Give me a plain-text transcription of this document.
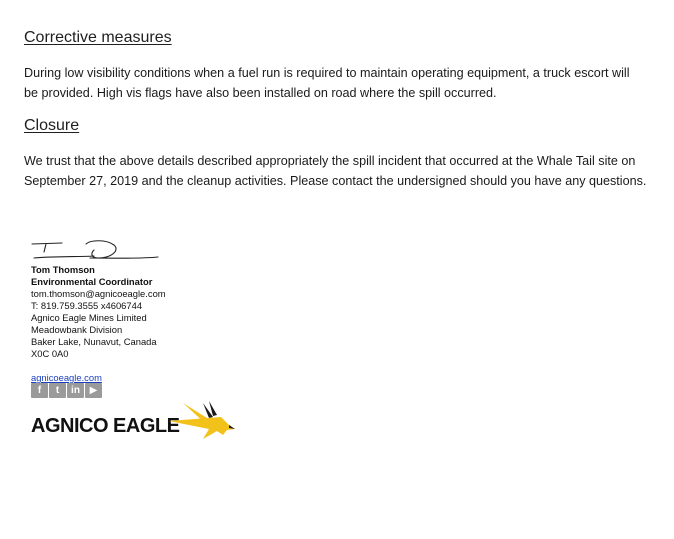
Corrective measures

During low visibility conditions when a fuel run is required to maintain operating equipment, a truck escort will
be provided. High vis flags have also been installed on road where the spill occurred.

Closure

We trust that the above details described appropriately the spill incident that occurred at the Whale Tail site on
September 27, 2019 and the cleanup activities. Please contact the undersigned should you have any questions.

Tom Thomson
Environmental Coordinator
tom.thomson@agnicoeagle.com
T: 819.759.3555 x4606744
Agnico Eagle Mines Limited
Meadowbank Division
Baker Lake, Nunavut, Canada
X0C 0A0
agnicoeagle.com
f	t	in ▶
AGNICO EAGLE
